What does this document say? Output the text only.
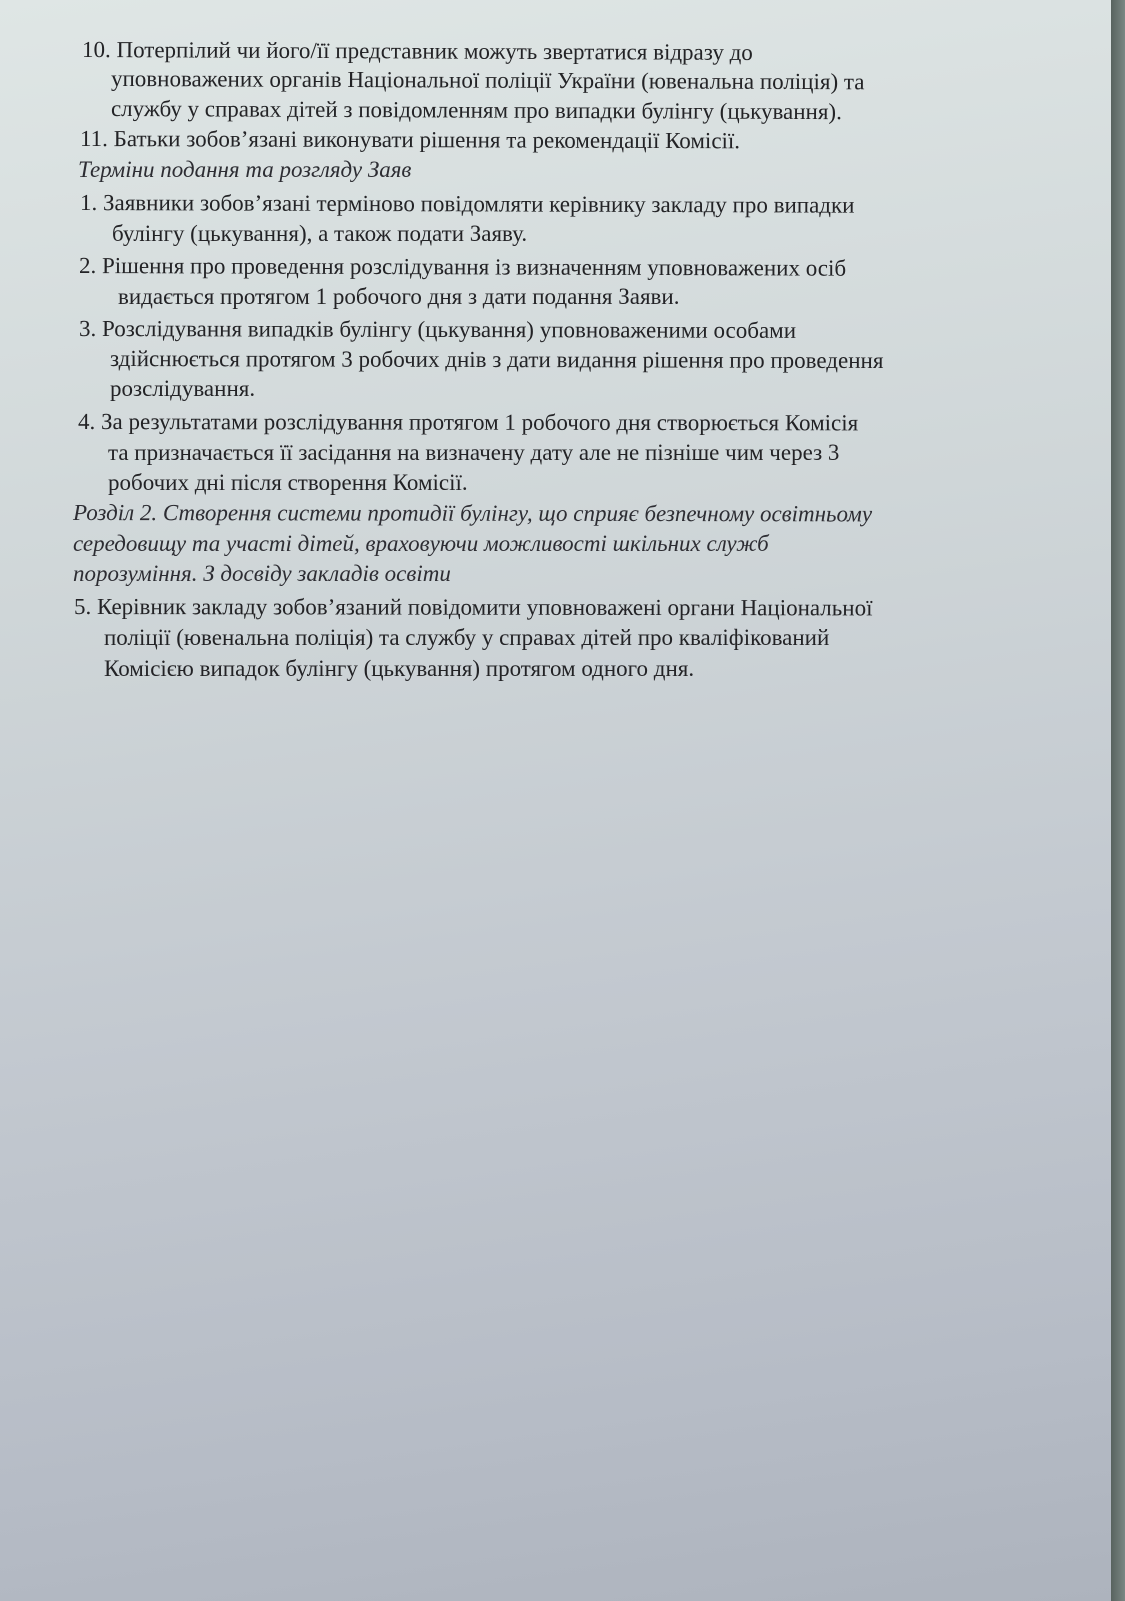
10. Потерпілий чи його/її представник можуть звертатися відразу до
уповноважених органів Національної поліції України (ювенальна поліція) та
службу у справах дітей з повідомленням про випадки булінгу (цькування).
11. Батьки зобов’язані виконувати рішення та рекомендації Комісії.
Терміни подання та розгляду Заяв
1. Заявники зобов’язані терміново повідомляти керівнику закладу про випадки
булінгу (цькування), а також подати Заяву.
2. Рішення про проведення розслідування із визначенням уповноважених осіб
видається протягом 1 робочого дня з дати подання Заяви.
3. Розслідування випадків булінгу (цькування) уповноваженими особами
здійснюється протягом 3 робочих днів з дати видання рішення про проведення
розслідування.
4. За результатами розслідування протягом 1 робочого дня створюється Комісія
та призначається її засідання на визначену дату але не пізніше чим через 3
робочих дні після створення Комісії.
Розділ 2. Створення системи протидії булінгу, що сприяє безпечному освітньому
середовищу та участі дітей, враховуючи можливості шкільних служб
порозуміння. З досвіду закладів освіти
5. Керівник закладу зобов’язаний повідомити уповноважені органи Національної
поліції (ювенальна поліція) та службу у справах дітей про кваліфікований
Комісією випадок булінгу (цькування) протягом одного дня.
